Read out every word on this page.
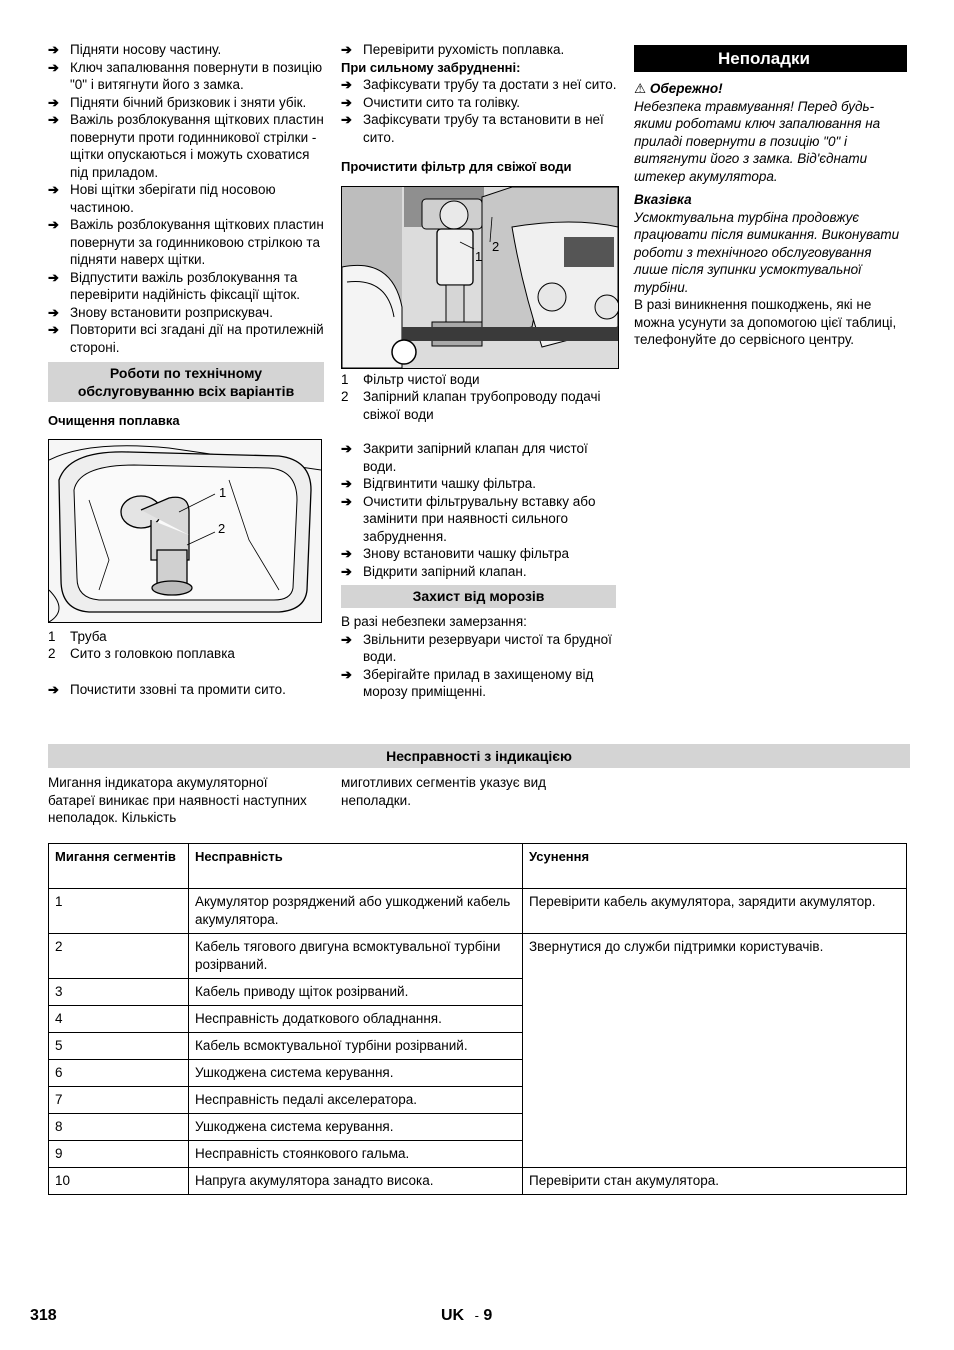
➔ Підняти носову частину.
➔ Ключ запалювання повернути в позицію "0" і витягнути його з замка.
➔ Підняти бічний бризковик і зняти убік.
➔ Важіль розблокування щіткових пластин повернути проти годинникової стрілки - щітки опускаються і можуть сховатися під приладом.
➔ Нові щітки зберігати під носовою частиною.
➔ Важіль розблокування щіткових пластин повернути за годинниковою стрілкою та підняти наверх щітки.
➔ Відпустити важіль розблокування та перевірити надійність фіксації щіток.
➔ Знову встановити розприскувач.
➔ Повторити всі згадані дії на протилежній стороні.
Роботи по технічному обслуговуванню всіх варіантів
Очищення поплавка
1
2
1 Труба
2 Сито з головкою поплавка
➔ Почистити ззовні та промити сито.
➔ Перевірити рухомість поплавка.
При сильному забрудненні:
➔ Зафіксувати трубу та достати з неї сито.
➔ Очистити сито та голівку.
➔ Зафіксувати трубу та встановити в неї сито.
Прочистити фільтр для свіжої води
1
2
1 Фільтр чистої води
2 Запірний клапан трубопроводу подачі свіжої води
➔ Закрити запірний клапан для чистої води.
➔ Відгвинтити чашку фільтра.
➔ Очистити фільтрувальну вставку або замінити при наявності сильного забруднення.
➔ Знову встановити чашку фільтра
➔ Відкрити запірний клапан.
Захист від морозів
В разі небезпеки замерзання:
➔ Звільнити резервуари чистої та брудної води.
➔ Зберігайте прилад в захищеному від морозу приміщенні.
Неполадки
⚠ Обережно!
Небезпека травмування! Перед будь-якими роботами ключ запалювання на приладі повернути в позицію "0" і витягнути його з замка. Від'єднати штекер акумулятора.
Вказівка
Усмоктувальна турбіна продовжує працювати після вимикання. Виконувати роботи з технічного обслуговування лише після зупинки усмоктувальної турбіни.
В разі виникнення пошкоджень, які не можна усунути за допомогою цієї таблиці, телефонуйте до сервісного центру.
Несправності з індикацією
Мигання індикатора акумуляторної батареї виникає при наявності наступних неполадок. Кількість
миготливих сегментів указує вид неполадки.
Мигання сегментів	Несправність	Усунення
1	Акумулятор розряджений або ушкоджений кабель акумулятора.	Перевірити кабель акумулятора, зарядити акумулятор.
2	Кабель тягового двигуна всмоктувальної турбіни розірваний.	Звернутися до служби підтримки користувачів.
3	Кабель приводу щіток розірваний.	
4	Несправність додаткового обладнання.	
5	Кабель всмоктувальної турбіни розірваний.	
6	Ушкоджена система керування.	
7	Несправність педалі акселератора.	
8	Ушкоджена система керування.	
9	Несправність стоянкового гальма.	
10	Напруга акумулятора занадто висока.	Перевірити стан акумулятора.
318	UK - 9
